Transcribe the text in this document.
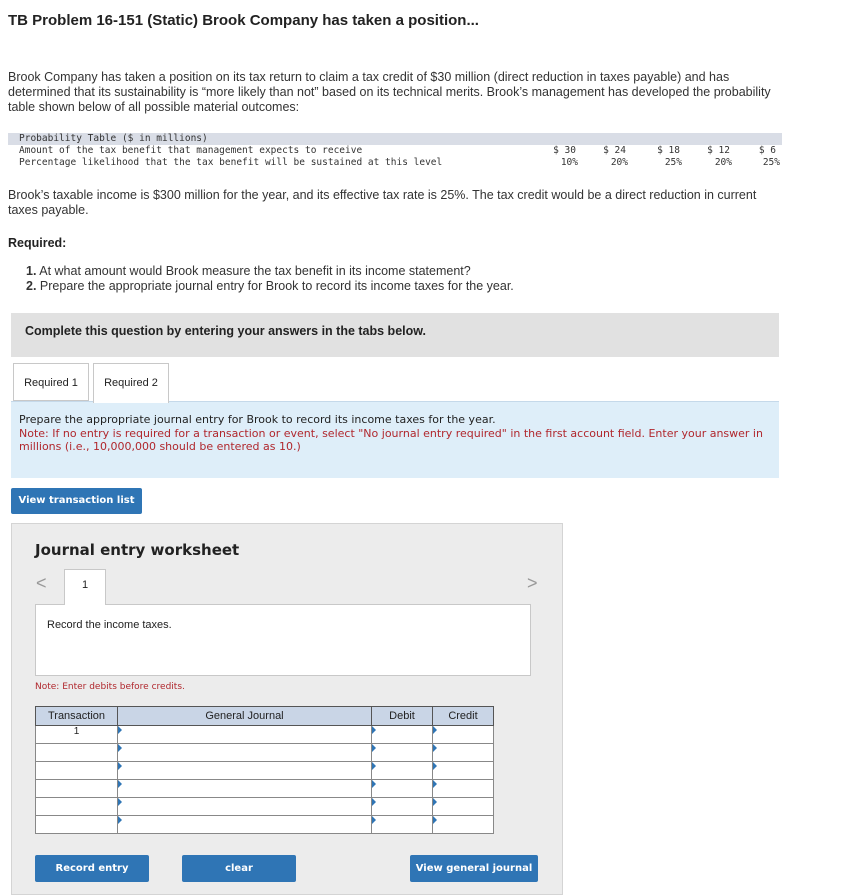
TB Problem 16-151 (Static) Brook Company has taken a position...
Brook Company has taken a position on its tax return to claim a tax credit of $30 million (direct reduction in taxes payable) and has determined that its sustainability is “more likely than not” based on its technical merits. Brook’s management has developed the probability table shown below of all possible material outcomes:
Probability Table ($ in millions)
Amount of the tax benefit that management expects to receive	$ 30	$ 24	$ 18	$ 12	$ 6
Percentage likelihood that the tax benefit will be sustained at this level	10%	20%	25%	20%	25%
Brook’s taxable income is $300 million for the year, and its effective tax rate is 25%. The tax credit would be a direct reduction in current taxes payable.
Required:
1. At what amount would Brook measure the tax benefit in its income statement?
2. Prepare the appropriate journal entry for Brook to record its income taxes for the year.
Complete this question by entering your answers in the tabs below.
Required 1	Required 2
Prepare the appropriate journal entry for Brook to record its income taxes for the year.
Note: If no entry is required for a transaction or event, select "No journal entry required" in the first account field. Enter your answer in millions (i.e., 10,000,000 should be entered as 10.)
View transaction list
Journal entry worksheet
<	>
1
Record the income taxes.
Note: Enter debits before credits.
Transaction	General Journal	Debit	Credit
1			

Record entry	clear	View general journal
